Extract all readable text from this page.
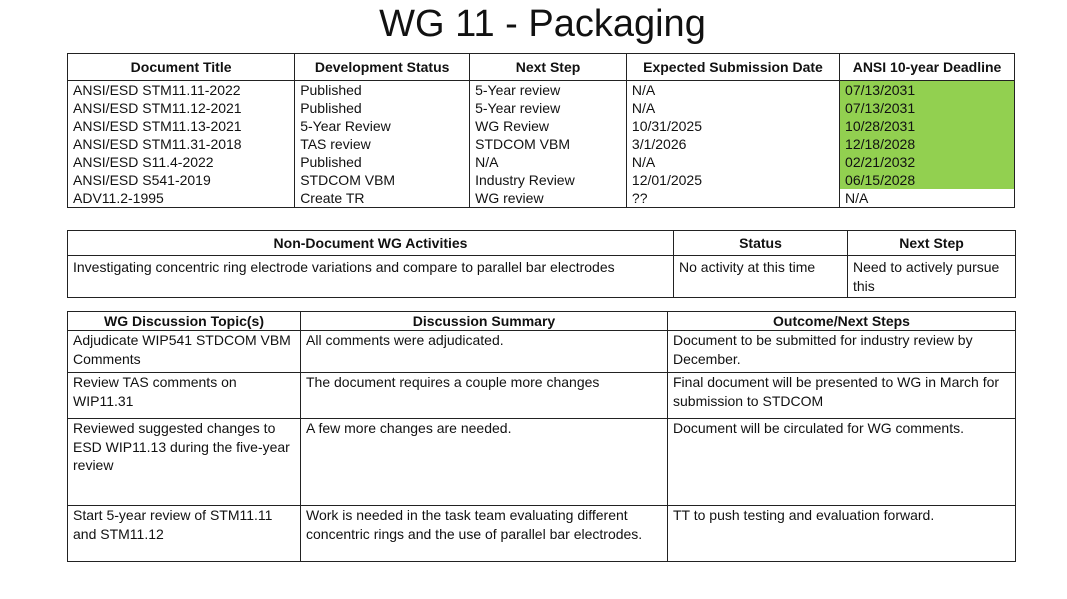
WG 11 - Packaging
Document Title	Development Status	Next Step	Expected Submission Date	ANSI 10-year Deadline
ANSI/ESD STM11.11-2022	Published	5-Year review	N/A	07/13/2031
ANSI/ESD STM11.12-2021	Published	5-Year review	N/A	07/13/2031
ANSI/ESD STM11.13-2021	5-Year Review	WG Review	10/31/2025	10/28/2031
ANSI/ESD STM11.31-2018	TAS review	STDCOM VBM	3/1/2026	12/18/2028
ANSI/ESD S11.4-2022	Published	N/A	N/A	02/21/2032
ANSI/ESD S541-2019	STDCOM VBM	Industry Review	12/01/2025	06/15/2028
ADV11.2-1995	Create TR	WG review	??	N/A
Non-Document WG Activities	Status	Next Step
Investigating concentric ring electrode variations and compare to parallel bar electrodes	No activity at this time	Need to actively pursue this
WG Discussion Topic(s)	Discussion Summary	Outcome/Next Steps
Adjudicate WIP541 STDCOM VBM Comments	All comments were adjudicated.	Document to be submitted for industry review by December.
Review TAS comments on WIP11.31	The document requires a couple more changes	Final document will be presented to WG in March for submission to STDCOM
Reviewed suggested changes to ESD WIP11.13 during the five-year review	A few more changes are needed.	Document will be circulated for WG comments.
Start 5-year review of STM11.11 and STM11.12	Work is needed in the task team evaluating different concentric rings and the use of parallel bar electrodes.	TT to push testing and evaluation forward.
